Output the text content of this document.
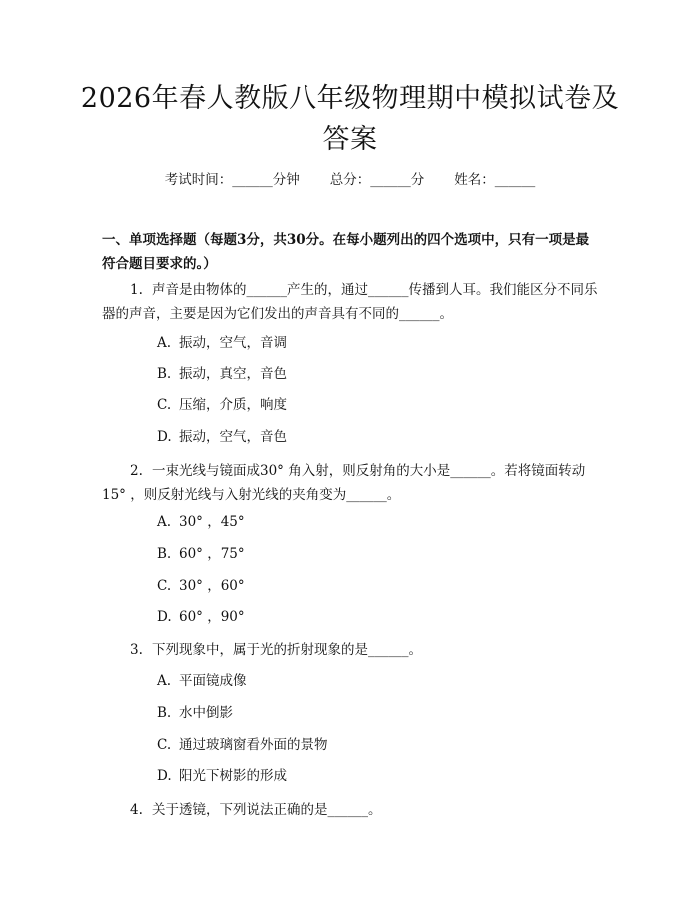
2026年春人教版八年级物理期中模拟试卷及答案
考试时间：______分钟 总分：______分 姓名：______

一、单项选择题（每题3分，共30分。在每小题列出的四个选项中，只有一项是最符合题目要求的。）

1. 声音是由物体的______产生的，通过______传播到人耳。我们能区分不同乐器的声音，主要是因为它们发出的声音具有不同的______。

A. 振动，空气，音调
B. 振动，真空，音色
C. 压缩，介质，响度
D. 振动，空气，音色

2. 一束光线与镜面成30° 角入射，则反射角的大小是______。若将镜面转动15° ，则反射光线与入射光线的夹角变为______。

A. 30° ，45°
B. 60° ，75°
C. 30° ，60°
D. 60° ，90°

3. 下列现象中，属于光的折射现象的是______。

A. 平面镜成像
B. 水中倒影
C. 通过玻璃窗看外面的景物
D. 阳光下树影的形成

4. 关于透镜，下列说法正确的是______。
